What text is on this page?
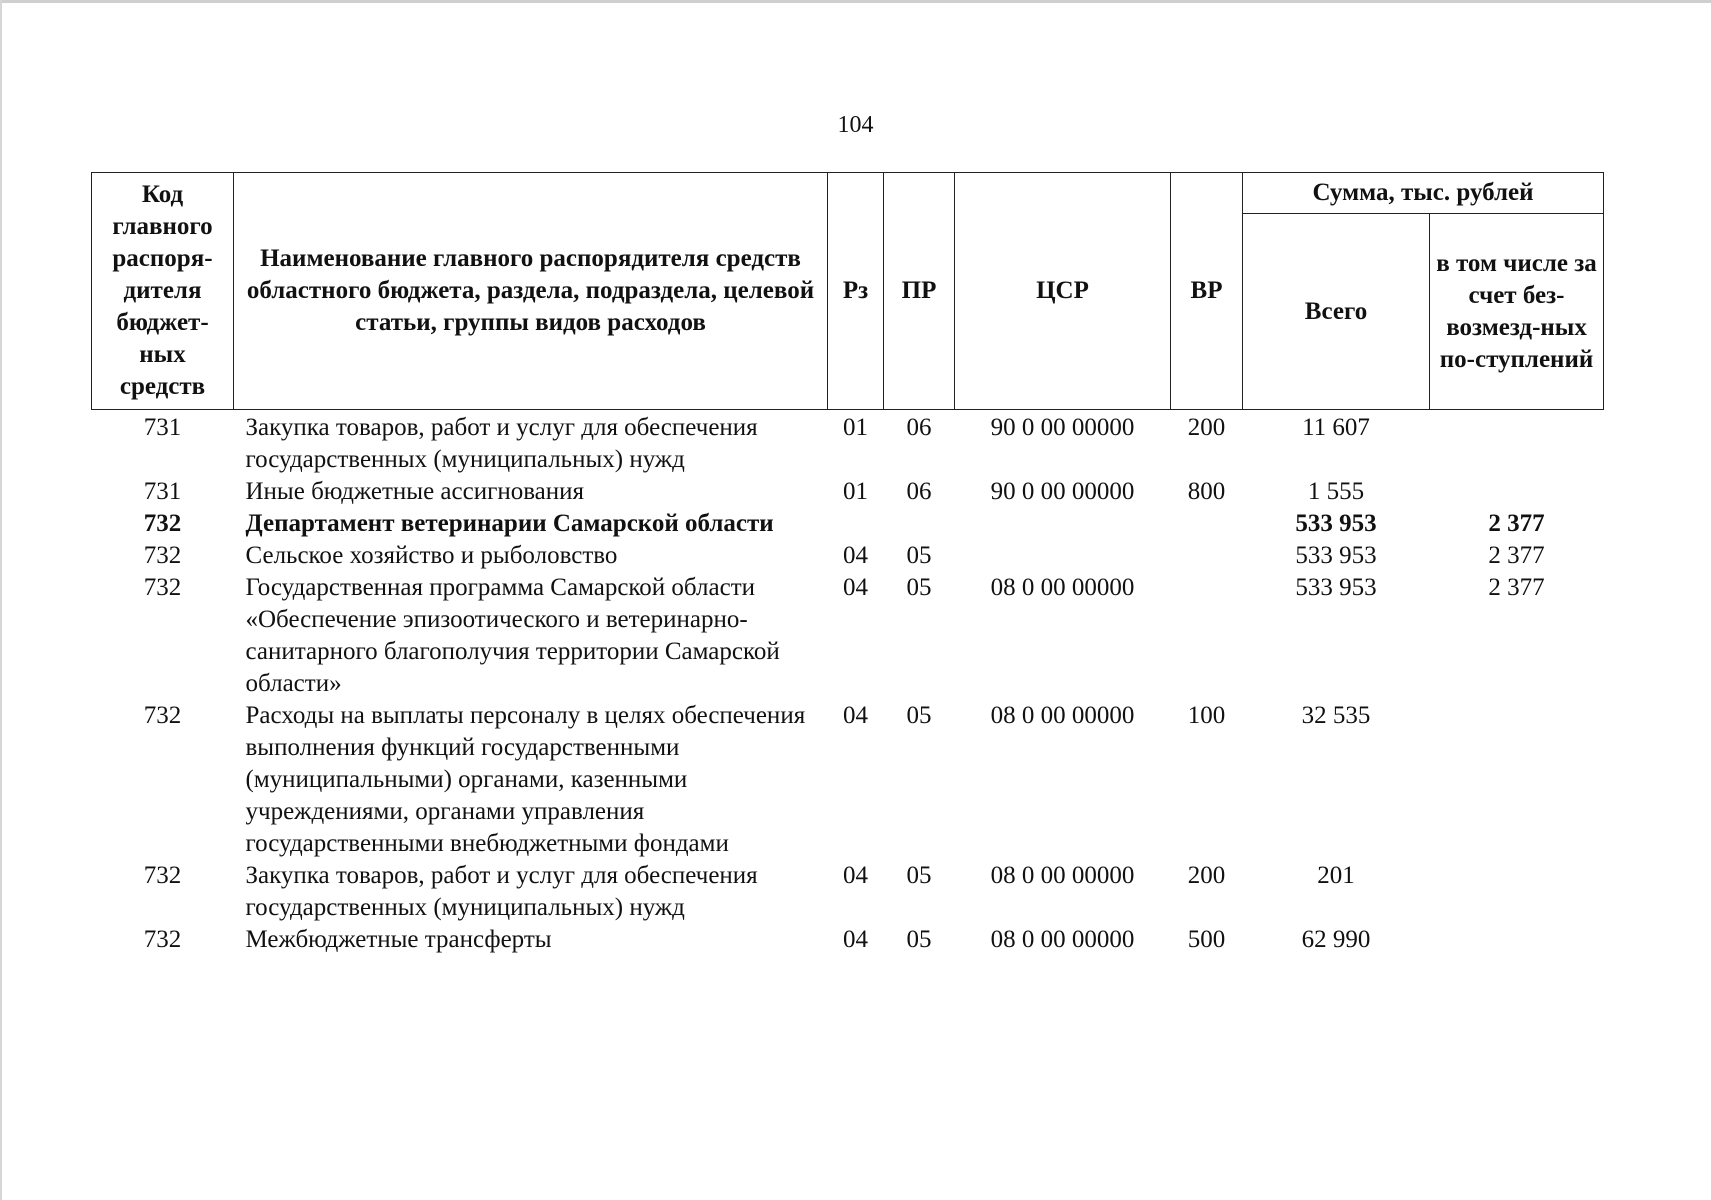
104
Код главного распоря-дителя бюджет-ных средств	Наименование главного распорядителя средств областного бюджета, раздела, подраздела, целевой статьи, группы видов расходов	Рз	ПР	ЦСР	ВР	Сумма, тыс. рублей	
						Всего	в том числе за счет без-возмезд-ных по-ступлений
731	Закупка товаров, работ и услуг для обеспечения государственных (муниципальных) нужд	01	06	90 0 00 00000	200	11 607	
731	Иные бюджетные ассигнования	01	06	90 0 00 00000	800	1 555	
732	Департамент ветеринарии Самарской области					533 953	2 377
732	Сельское хозяйство и рыболовство	04	05			533 953	2 377
732	Государственная программа Самарской области «Обеспечение эпизоотического и ветеринарно-санитарного благополучия территории Самарской области»	04	05	08 0 00 00000		533 953	2 377
732	Расходы на выплаты персоналу в целях обеспечения выполнения функций государственными (муниципальными) органами, казенными учреждениями, органами управления государственными внебюджетными фондами	04	05	08 0 00 00000	100	32 535	
732	Закупка товаров, работ и услуг для обеспечения государственных (муниципальных) нужд	04	05	08 0 00 00000	200	201	
732	Межбюджетные трансферты	04	05	08 0 00 00000	500	62 990	
